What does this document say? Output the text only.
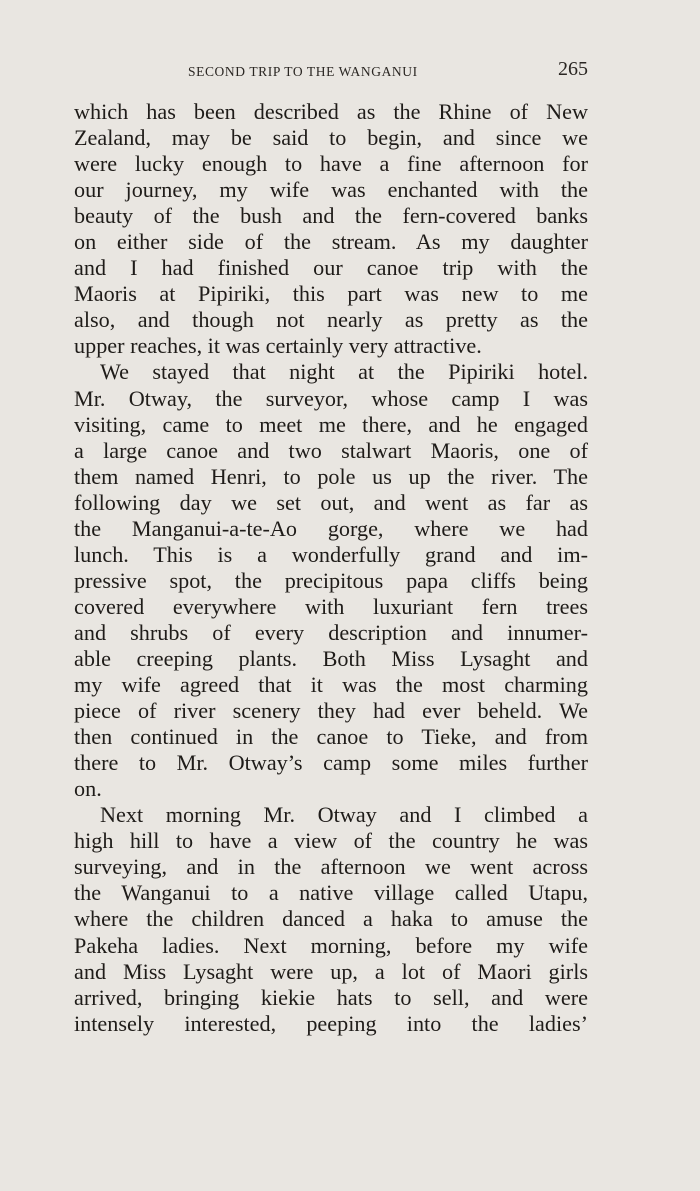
SECOND TRIP TO THE WANGANUI	265
which has been described as the Rhine of New
Zealand, may be said to begin, and since we
were lucky enough to have a fine afternoon for
our journey, my wife was enchanted with the
beauty of the bush and the fern-covered banks
on either side of the stream. As my daughter
and I had finished our canoe trip with the
Maoris at Pipiriki, this part was new to me
also, and though not nearly as pretty as the
upper reaches, it was certainly very attractive.
We stayed that night at the Pipiriki hotel.
Mr. Otway, the surveyor, whose camp I was
visiting, came to meet me there, and he engaged
a large canoe and two stalwart Maoris, one of
them named Henri, to pole us up the river. The
following day we set out, and went as far as
the Manganui-a-te-Ao gorge, where we had
lunch. This is a wonderfully grand and im-
pressive spot, the precipitous papa cliffs being
covered everywhere with luxuriant fern trees
and shrubs of every description and innumer-
able creeping plants. Both Miss Lysaght and
my wife agreed that it was the most charming
piece of river scenery they had ever beheld. We
then continued in the canoe to Tieke, and from
there to Mr. Otway’s camp some miles further
on.
Next morning Mr. Otway and I climbed a
high hill to have a view of the country he was
surveying, and in the afternoon we went across
the Wanganui to a native village called Utapu,
where the children danced a haka to amuse the
Pakeha ladies. Next morning, before my wife
and Miss Lysaght were up, a lot of Maori girls
arrived, bringing kiekie hats to sell, and were
intensely interested, peeping into the ladies’
